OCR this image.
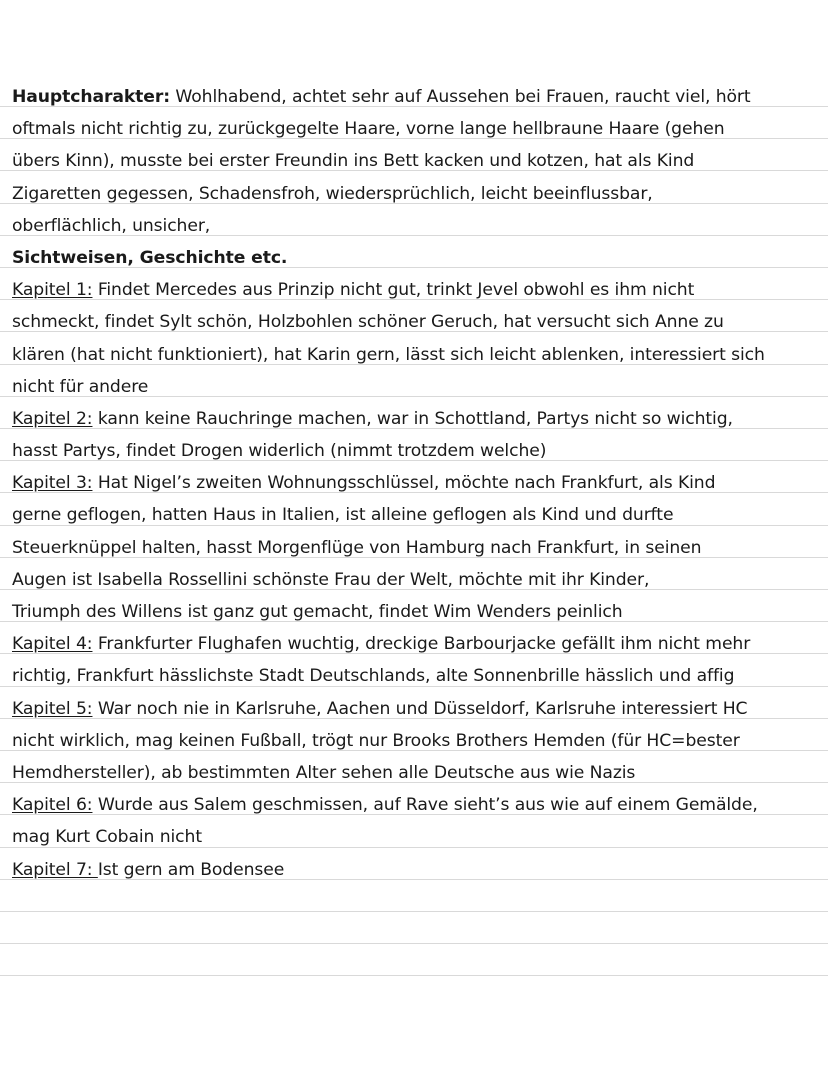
Hauptcharakter: Wohlhabend, achtet sehr auf Aussehen bei Frauen, raucht viel, hört
oftmals nicht richtig zu, zurückgegelte Haare, vorne lange hellbraune Haare (gehen
übers Kinn), musste bei erster Freundin ins Bett kacken und kotzen, hat als Kind
Zigaretten gegessen, Schadensfroh, wiedersprüchlich, leicht beeinflussbar,
oberflächlich, unsicher,
Sichtweisen, Geschichte etc.
Kapitel 1: Findet Mercedes aus Prinzip nicht gut, trinkt Jevel obwohl es ihm nicht
schmeckt, findet Sylt schön, Holzbohlen schöner Geruch, hat versucht sich Anne zu
klären (hat nicht funktioniert), hat Karin gern, lässt sich leicht ablenken, interessiert sich
nicht für andere
Kapitel 2: kann keine Rauchringe machen, war in Schottland, Partys nicht so wichtig,
hasst Partys, findet Drogen widerlich (nimmt trotzdem welche)
Kapitel 3: Hat Nigel’s zweiten Wohnungsschlüssel, möchte nach Frankfurt, als Kind
gerne geflogen, hatten Haus in Italien, ist alleine geflogen als Kind und durfte
Steuerknüppel halten, hasst Morgenflüge von Hamburg nach Frankfurt, in seinen
Augen ist Isabella Rossellini schönste Frau der Welt, möchte mit ihr Kinder,
Triumph des Willens ist ganz gut gemacht, findet Wim Wenders peinlich
Kapitel 4: Frankfurter Flughafen wuchtig, dreckige Barbourjacke gefällt ihm nicht mehr
richtig, Frankfurt hässlichste Stadt Deutschlands, alte Sonnenbrille hässlich und affig
Kapitel 5: War noch nie in Karlsruhe, Aachen und Düsseldorf, Karlsruhe interessiert HC
nicht wirklich, mag keinen Fußball, trögt nur Brooks Brothers Hemden (für HC=bester
Hemdhersteller), ab bestimmten Alter sehen alle Deutsche aus wie Nazis
Kapitel 6: Wurde aus Salem geschmissen, auf Rave sieht’s aus wie auf einem Gemälde,
mag Kurt Cobain nicht
Kapitel 7: Ist gern am Bodensee
